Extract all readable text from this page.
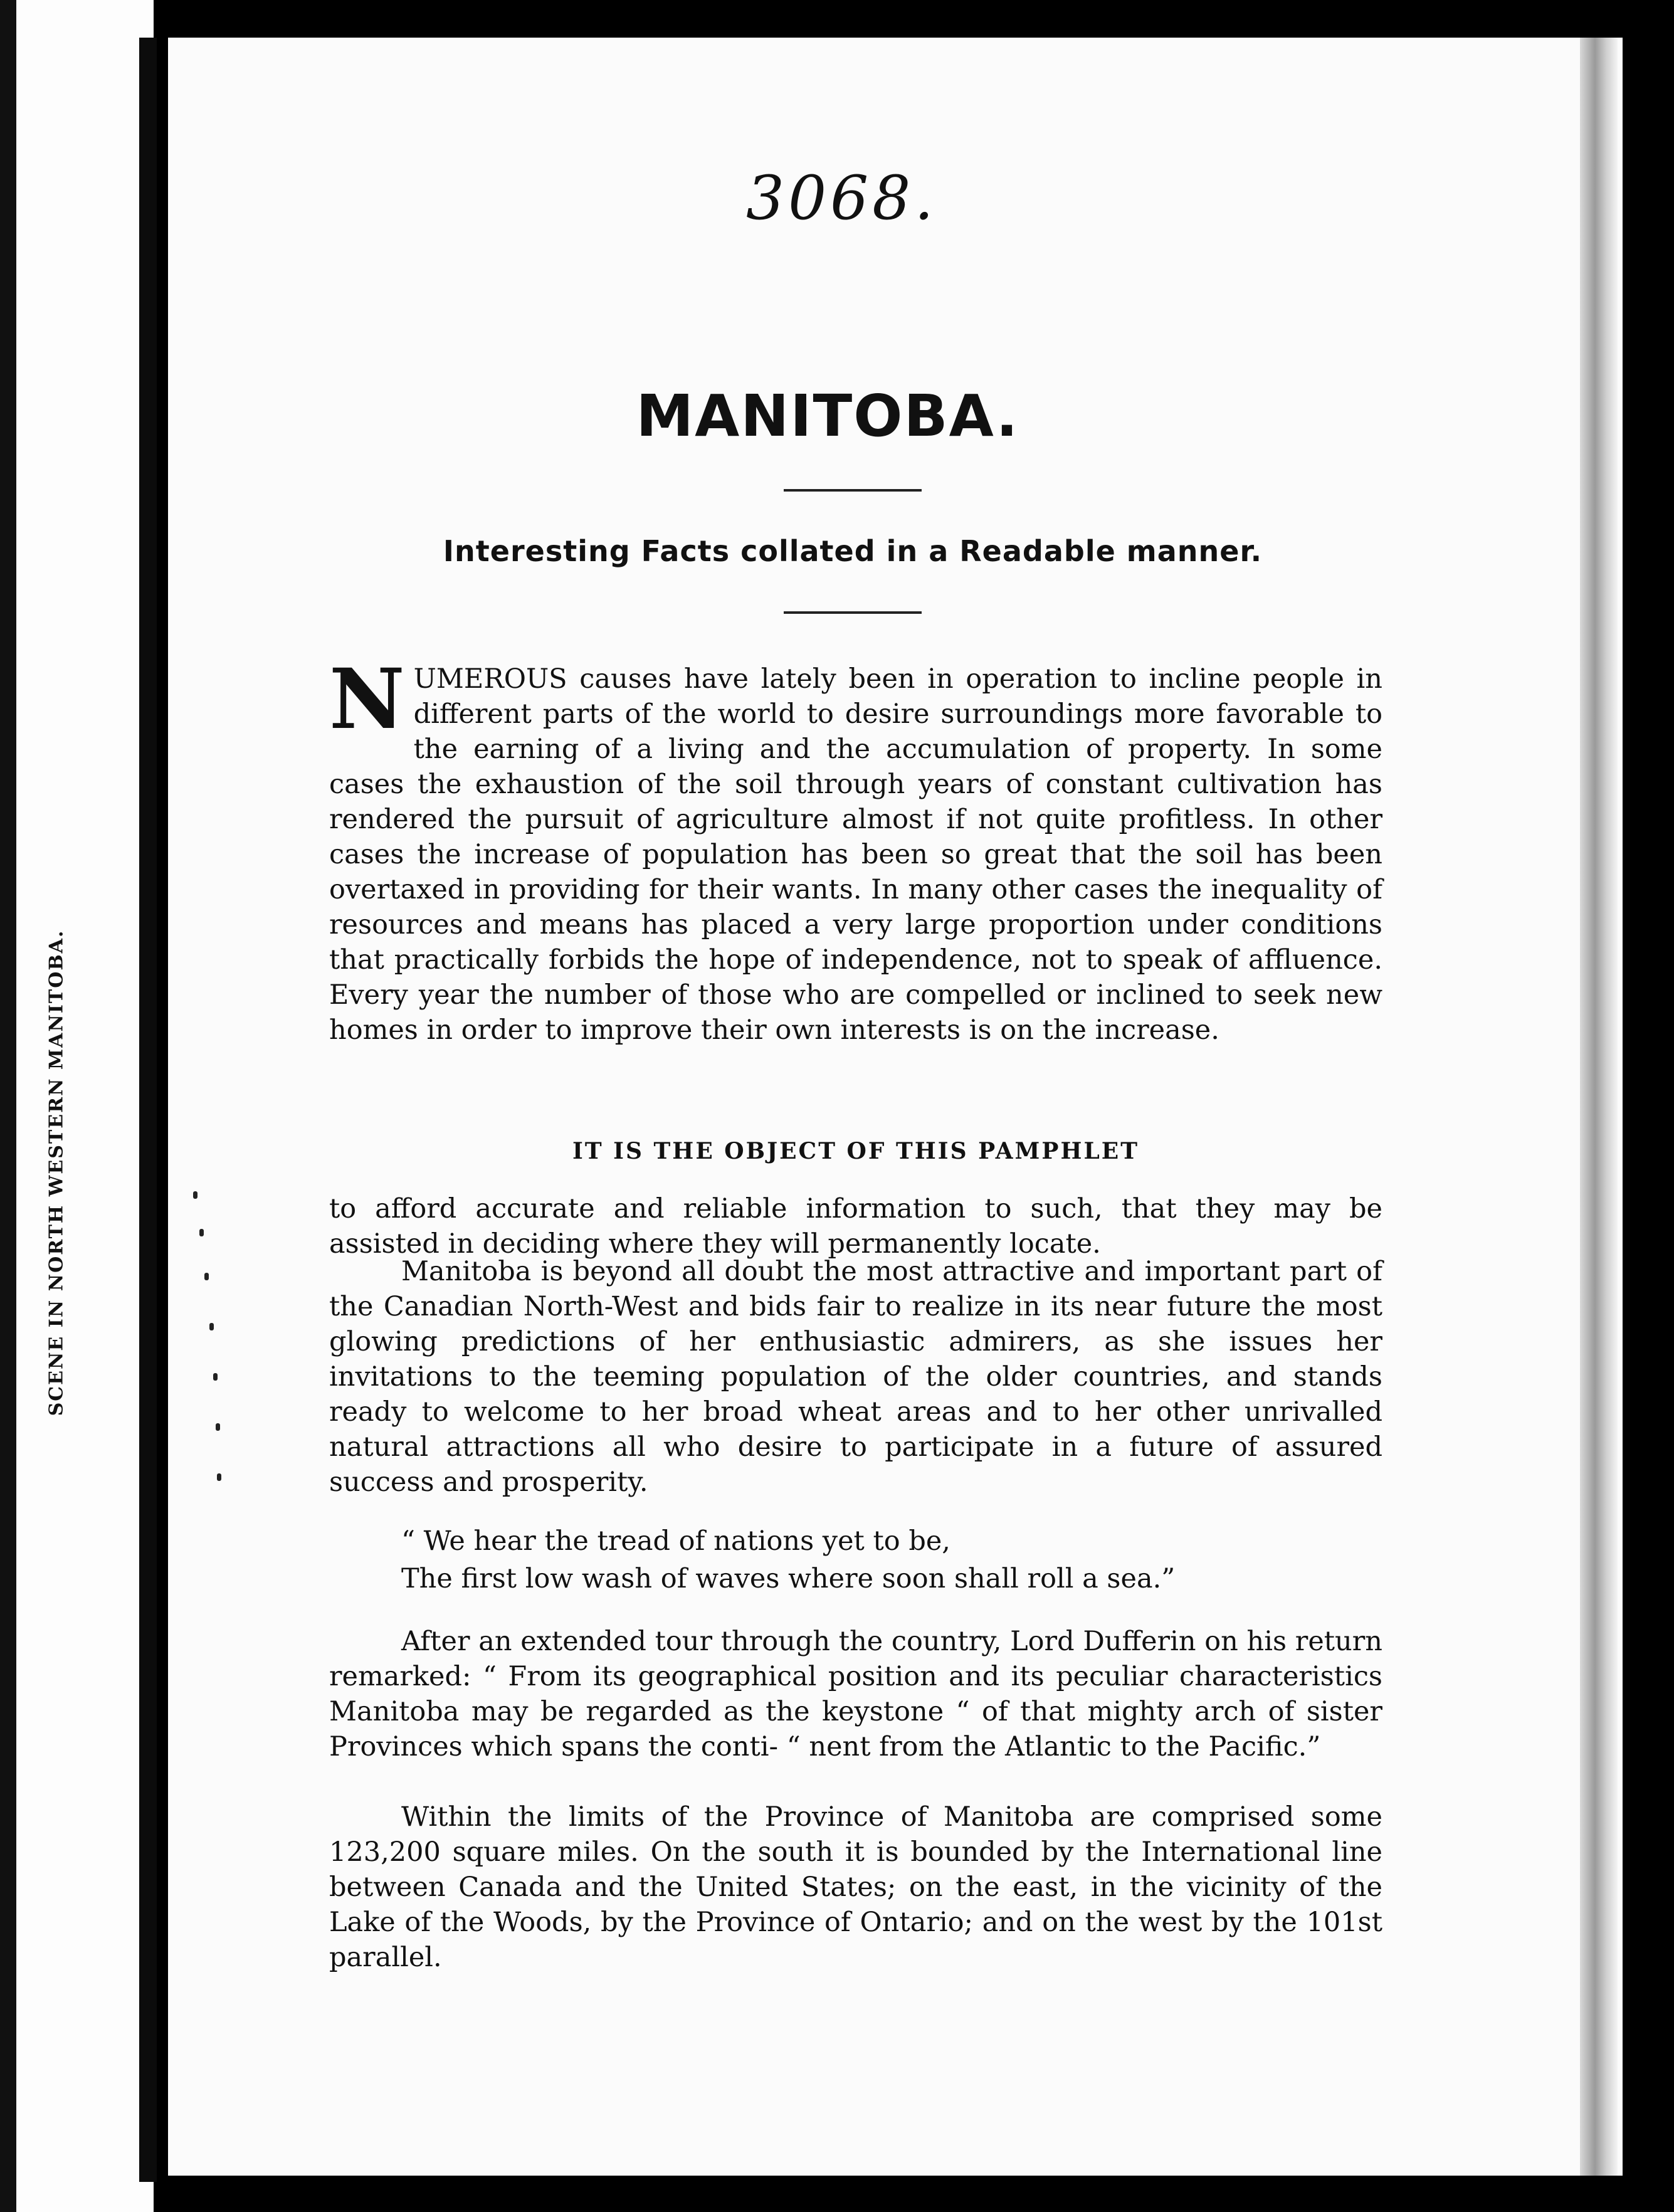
SCENE IN NORTH WESTERN MANITOBA.
3068.
MANITOBA.
Interesting Facts collated in a Readable manner.
N UMEROUS causes have lately been in operation to incline people in different parts of the world to desire surroundings more favorable to the earning of a living and the accumulation of property. In some cases the exhaustion of the soil through years of constant cultivation has rendered the pursuit of agriculture almost if not quite profitless. In other cases the increase of population has been so great that the soil has been overtaxed in providing for their wants. In many other cases the inequality of resources and means has placed a very large proportion under conditions that practically forbids the hope of independence, not to speak of affluence. Every year the number of those who are compelled or inclined to seek new homes in order to improve their own interests is on the increase.
IT IS THE OBJECT OF THIS PAMPHLET
to afford accurate and reliable information to such, that they may be assisted in deciding where they will permanently locate.
Manitoba is beyond all doubt the most attractive and important part of the Canadian North-West and bids fair to realize in its near future the most glowing predictions of her enthusiastic admirers, as she issues her invitations to the teeming population of the older countries, and stands ready to welcome to her broad wheat areas and to her other unrivalled natural attractions all who desire to participate in a future of assured success and prosperity.
“ We hear the tread of nations yet to be,
The first low wash of waves where soon shall roll a sea.”
After an extended tour through the country, Lord Dufferin on his return remarked: “ From its geographical position and its peculiar characteristics Manitoba may be regarded as the keystone “ of that mighty arch of sister Provinces which spans the conti- “ nent from the Atlantic to the Pacific.”
Within the limits of the Province of Manitoba are comprised some 123,200 square miles. On the south it is bounded by the International line between Canada and the United States; on the east, in the vicinity of the Lake of the Woods, by the Province of Ontario; and on the west by the 101st parallel.
